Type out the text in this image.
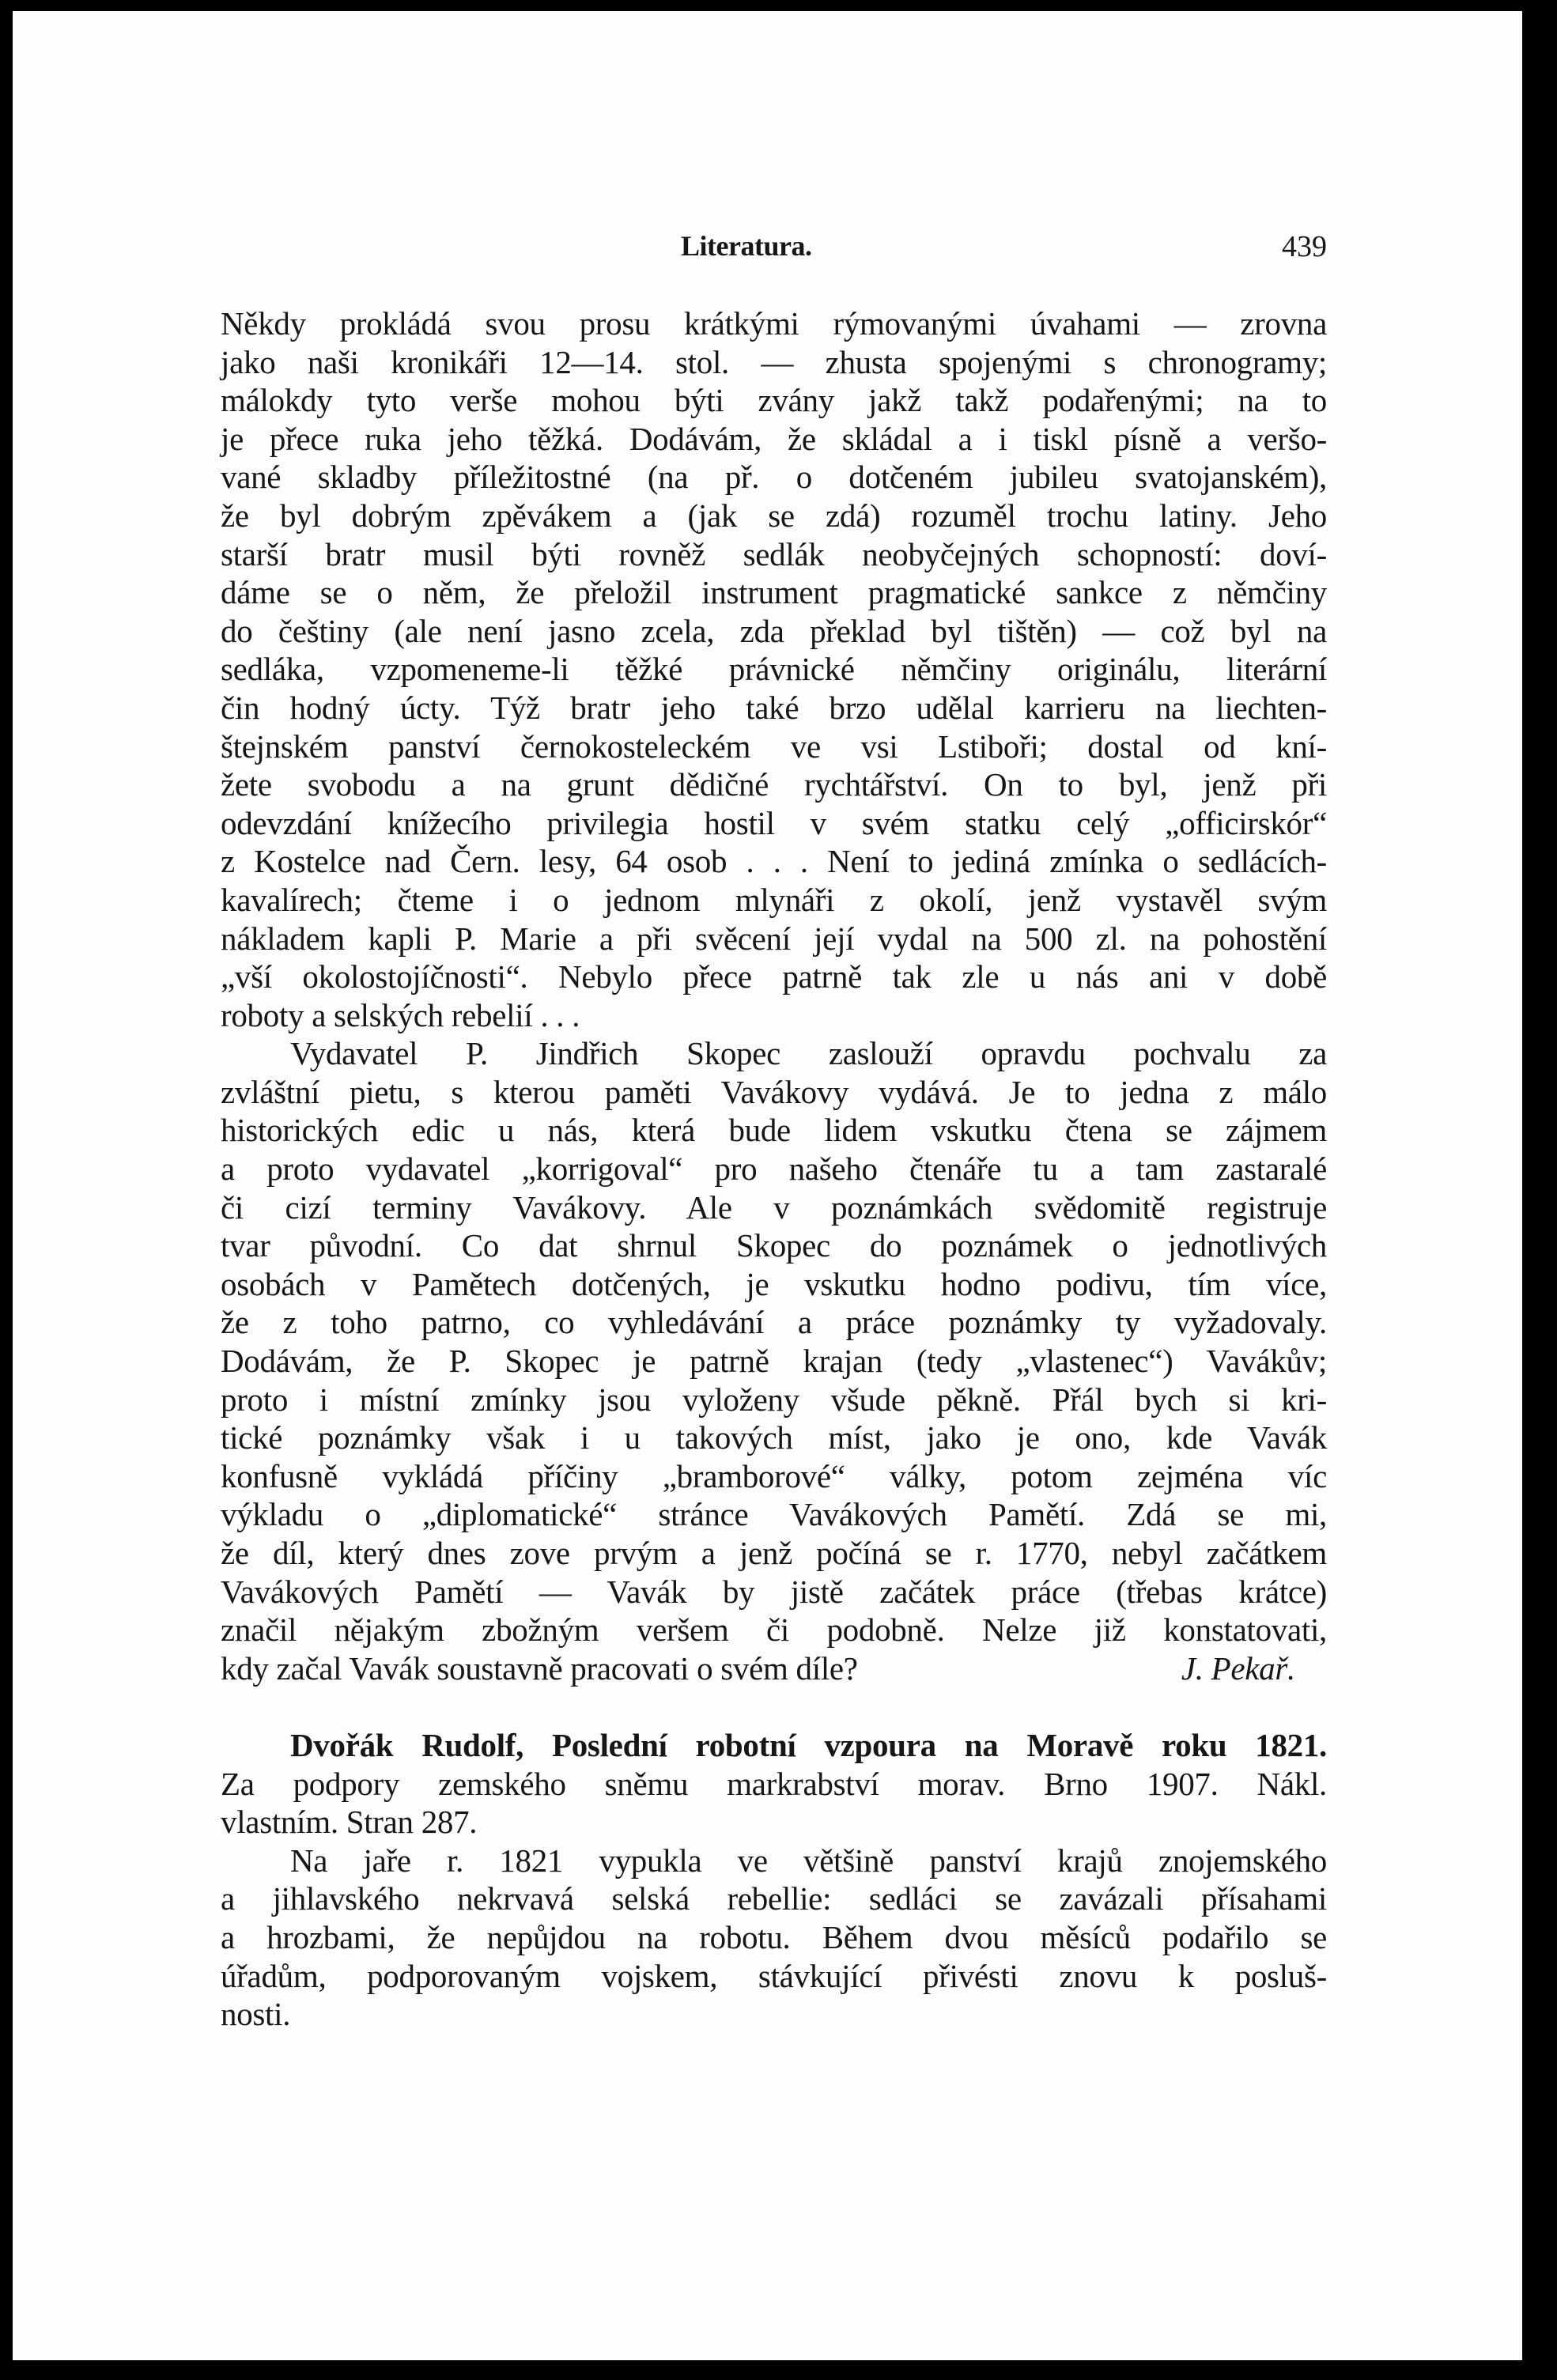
Literatura.	439
Někdy prokládá svou prosu krátkými rýmovanými úvahami — zrovna
jako naši kronikáři 12—14. stol. — zhusta spojenými s chronogramy;
málokdy tyto verše mohou býti zvány jakž takž podařenými; na to
je přece ruka jeho těžká. Dodávám, že skládal a i tiskl písně a veršo-
vané skladby příležitostné (na př. o dotčeném jubileu svatojanském),
že byl dobrým zpěvákem a (jak se zdá) rozuměl trochu latiny. Jeho
starší bratr musil býti rovněž sedlák neobyčejných schopností: doví-
dáme se o něm, že přeložil instrument pragmatické sankce z němčiny
do češtiny (ale není jasno zcela, zda překlad byl tištěn) — což byl na
sedláka, vzpomeneme-li těžké právnické němčiny originálu, literární
čin hodný úcty. Týž bratr jeho také brzo udělal karrieru na liechten-
štejnském panství černokosteleckém ve vsi Lstiboři; dostal od kní-
žete svobodu a na grunt dědičné rychtářství. On to byl, jenž při
odevzdání knížecího privilegia hostil v svém statku celý „officirskór“
z Kostelce nad Čern. lesy, 64 osob . . . Není to jediná zmínka o sedlácích-
kavalírech; čteme i o jednom mlynáři z okolí, jenž vystavěl svým
nákladem kapli P. Marie a při svěcení její vydal na 500 zl. na pohostění
„vší okolostojíčnosti“. Nebylo přece patrně tak zle u nás ani v době
roboty a selských rebelií . . .
Vydavatel P. Jindřich Skopec zaslouží opravdu pochvalu za
zvláštní pietu, s kterou paměti Vavákovy vydává. Je to jedna z málo
historických edic u nás, která bude lidem vskutku čtena se zájmem
a proto vydavatel „korrigoval“ pro našeho čtenáře tu a tam zastaralé
či cizí terminy Vavákovy. Ale v poznámkách svědomitě registruje
tvar původní. Co dat shrnul Skopec do poznámek o jednotlivých
osobách v Pamětech dotčených, je vskutku hodno podivu, tím více,
že z toho patrno, co vyhledávání a práce poznámky ty vyžadovaly.
Dodávám, že P. Skopec je patrně krajan (tedy „vlastenec“) Vavákův;
proto i místní zmínky jsou vyloženy všude pěkně. Přál bych si kri-
tické poznámky však i u takových míst, jako je ono, kde Vavák
konfusně vykládá příčiny „bramborové“ války, potom zejména víc
výkladu o „diplomatické“ stránce Vavákových Pamětí. Zdá se mi,
že díl, který dnes zove prvým a jenž počíná se r. 1770, nebyl začátkem
Vavákových Pamětí — Vavák by jistě začátek práce (třebas krátce)
značil nějakým zbožným veršem či podobně. Nelze již konstatovati,
kdy začal Vavák soustavně pracovati o svém díle?	J. Pekař.
Dvořák Rudolf, Poslední robotní vzpoura na Moravě roku 1821.
Za podpory zemského sněmu markrabství morav. Brno 1907. Nákl.
vlastním. Stran 287.
Na jaře r. 1821 vypukla ve většině panství krajů znojemského
a jihlavského nekrvavá selská rebellie: sedláci se zavázali přísahami
a hrozbami, že nepůjdou na robotu. Během dvou měsíců podařilo se
úřadům, podporovaným vojskem, stávkující přivésti znovu k posluš-
nosti.
